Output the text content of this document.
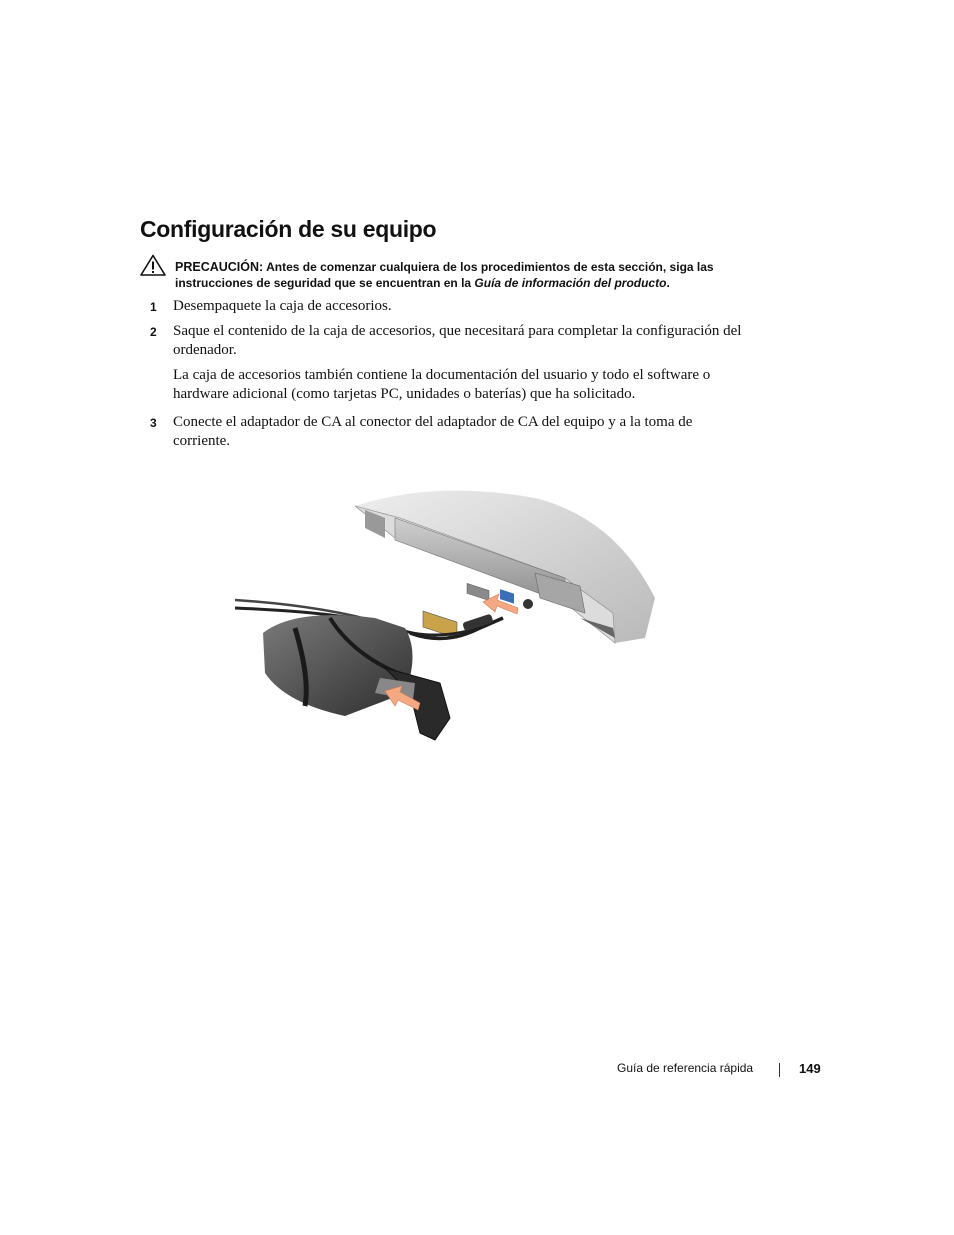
Configuración de su equipo
PRECAUCIÓN: Antes de comenzar cualquiera de los procedimientos de esta sección, siga las
instrucciones de seguridad que se encuentran en la Guía de información del producto.
1 Desempaquete la caja de accesorios.
2 Saque el contenido de la caja de accesorios, que necesitará para completar la configuración del ordenador.
La caja de accesorios también contiene la documentación del usuario y todo el software o hardware adicional (como tarjetas PC, unidades o baterías) que ha solicitado.
3 Conecte el adaptador de CA al conector del adaptador de CA del equipo y a la toma de corriente.
Guía de referencia rápida	149
